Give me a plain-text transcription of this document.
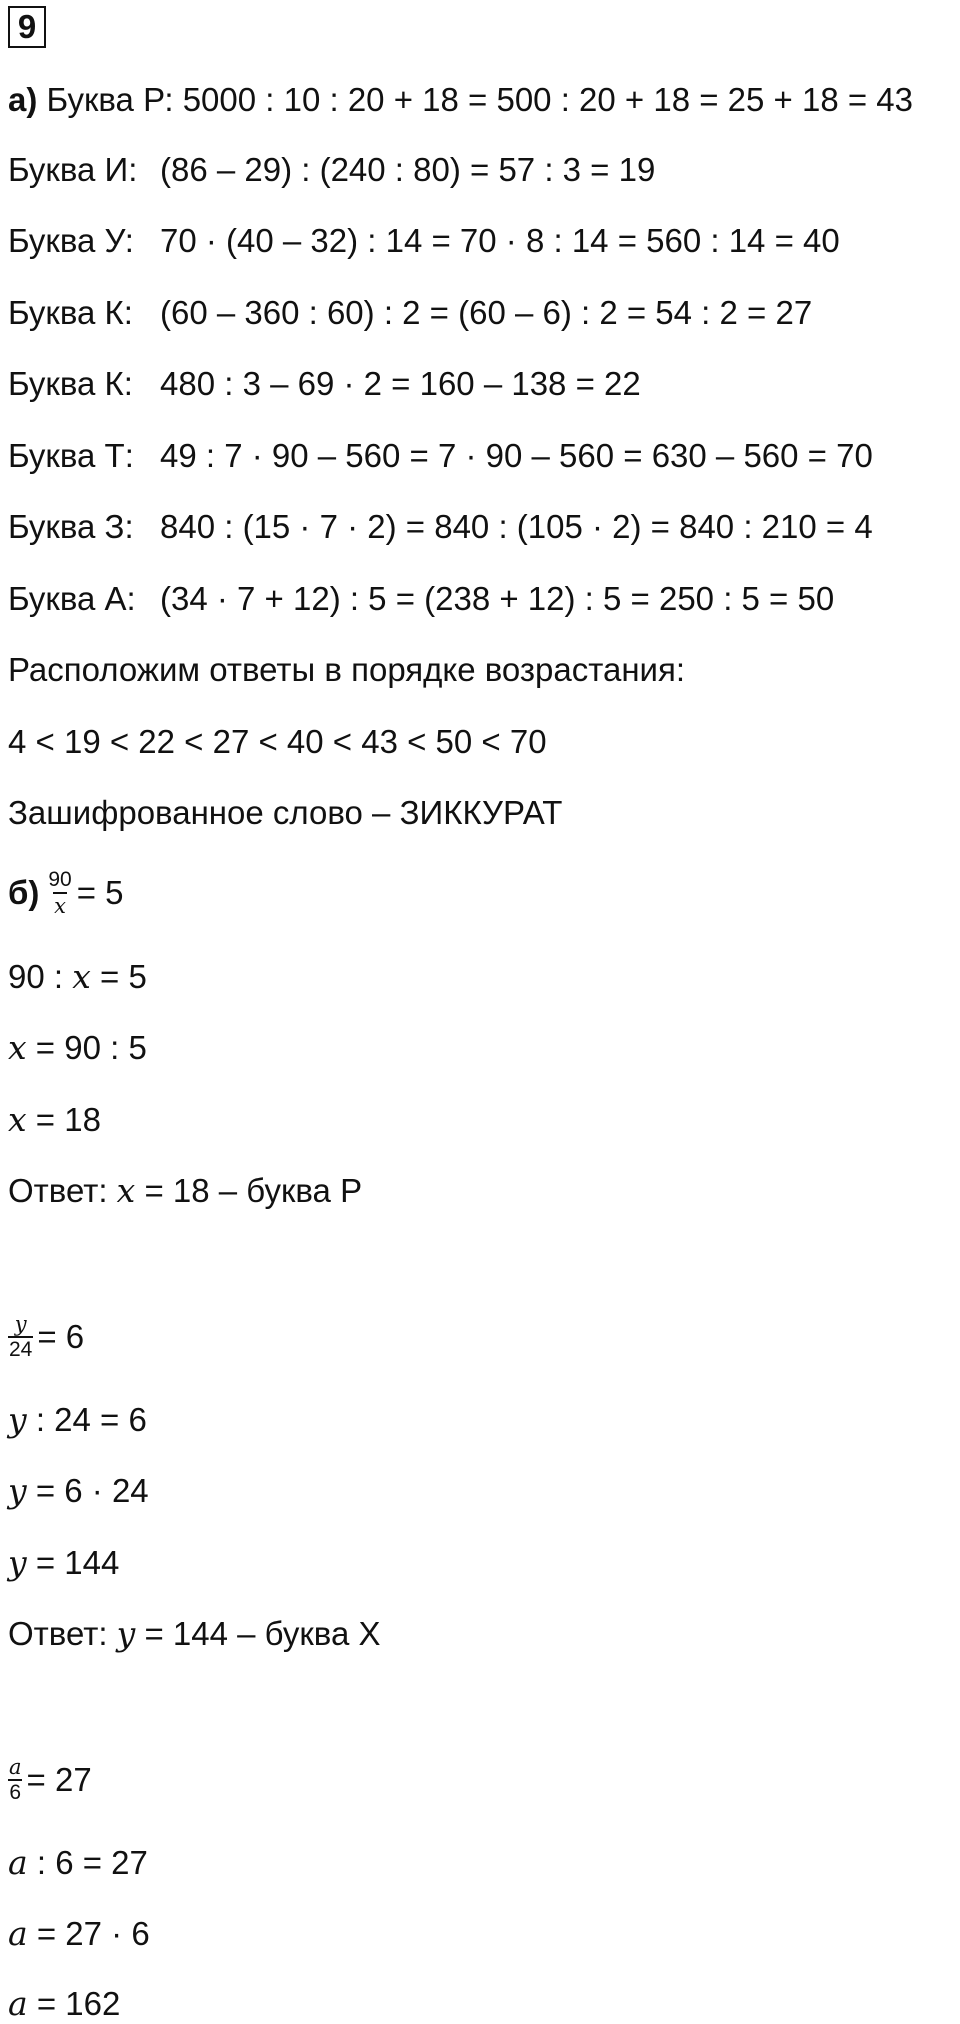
9
а) Буква Р: 5000 : 10 : 20 + 18 = 500 : 20 + 18 = 25 + 18 = 43
Буква И: (86 – 29) : (240 : 80) = 57 : 3 = 19
Буква У: 70 · (40 – 32) : 14 = 70 · 8 : 14 = 560 : 14 = 40
Буква К: (60 – 360 : 60) : 2 = (60 – 6) : 2 = 54 : 2 = 27
Буква К: 480 : 3 – 69 · 2 = 160 – 138 = 22
Буква Т: 49 : 7 · 90 – 560 = 7 · 90 – 560 = 630 – 560 = 70
Буква З: 840 : (15 · 7 · 2) = 840 : (105 · 2) = 840 : 210 = 4
Буква А: (34 · 7 + 12) : 5 = (238 + 12) : 5 = 250 : 5 = 50
Расположим ответы в порядке возрастания:
4 < 19 < 22 < 27 < 40 < 43 < 50 < 70
Зашифрованное слово – ЗИККУРАТ
$б) \frac{90}{x} = 5$
90 : x = 5
x = 90 : 5
x = 18
Ответ: x = 18 – буква Р
$\frac{y}{24} = 6$
y : 24 = 6
y = 6 · 24
y = 144
Ответ: y = 144 – буква Х
$\frac{a}{6} = 27$
a : 6 = 27
a = 27 · 6
a = 162
